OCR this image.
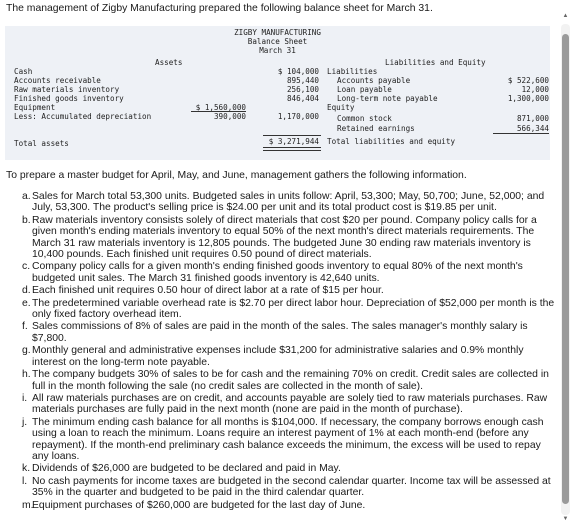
The management of Zigby Manufacturing prepared the following balance sheet for March 31.
ZIGBY MANUFACTURING
Balance Sheet
March 31
Assets	Liabilities and Equity
Cash
Accounts receivable
Raw materials inventory
Finished goods inventory
Equipment
Less: Accumulated depreciation
Total assets
$ 1,560,000
390,000
$ 104,000
895,440
256,100
846,404
1,170,000
$ 3,271,944
Liabilities
Accounts payable
Loan payable
Long-term note payable
Equity
Common stock
Retained earnings
Total liabilities and equity
$ 522,600
12,000
1,300,000
871,000
566,344
▲
▼
To prepare a master budget for April, May, and June, management gathers the following information.
a. Sales for March total 53,300 units. Budgeted sales in units follow: April, 53,300; May, 50,700; June, 52,000; and July, 53,300. The product's selling price is $24.00 per unit and its total product cost is $19.85 per unit.
b. Raw materials inventory consists solely of direct materials that cost $20 per pound. Company policy calls for a given month's ending materials inventory to equal 50% of the next month's direct materials requirements. The March 31 raw materials inventory is 12,805 pounds. The budgeted June 30 ending raw materials inventory is 10,400 pounds. Each finished unit requires 0.50 pound of direct materials.
c. Company policy calls for a given month's ending finished goods inventory to equal 80% of the next month's budgeted unit sales. The March 31 finished goods inventory is 42,640 units.
d. Each finished unit requires 0.50 hour of direct labor at a rate of $15 per hour.
e. The predetermined variable overhead rate is $2.70 per direct labor hour. Depreciation of $52,000 per month is the only fixed factory overhead item.
f. Sales commissions of 8% of sales are paid in the month of the sales. The sales manager's monthly salary is $7,800.
g. Monthly general and administrative expenses include $31,200 for administrative salaries and 0.9% monthly interest on the long-term note payable.
h. The company budgets 30% of sales to be for cash and the remaining 70% on credit. Credit sales are collected in full in the month following the sale (no credit sales are collected in the month of sale).
i. All raw materials purchases are on credit, and accounts payable are solely tied to raw materials purchases. Raw materials purchases are fully paid in the next month (none are paid in the month of purchase).
j. The minimum ending cash balance for all months is $104,000. If necessary, the company borrows enough cash using a loan to reach the minimum. Loans require an interest payment of 1% at each month-end (before any repayment). If the month-end preliminary cash balance exceeds the minimum, the excess will be used to repay any loans.
k. Dividends of $26,000 are budgeted to be declared and paid in May.
l. No cash payments for income taxes are budgeted in the second calendar quarter. Income tax will be assessed at 35% in the quarter and budgeted to be paid in the third calendar quarter.
m.
Equipment purchases of $260,000 are budgeted for the last day of June.
